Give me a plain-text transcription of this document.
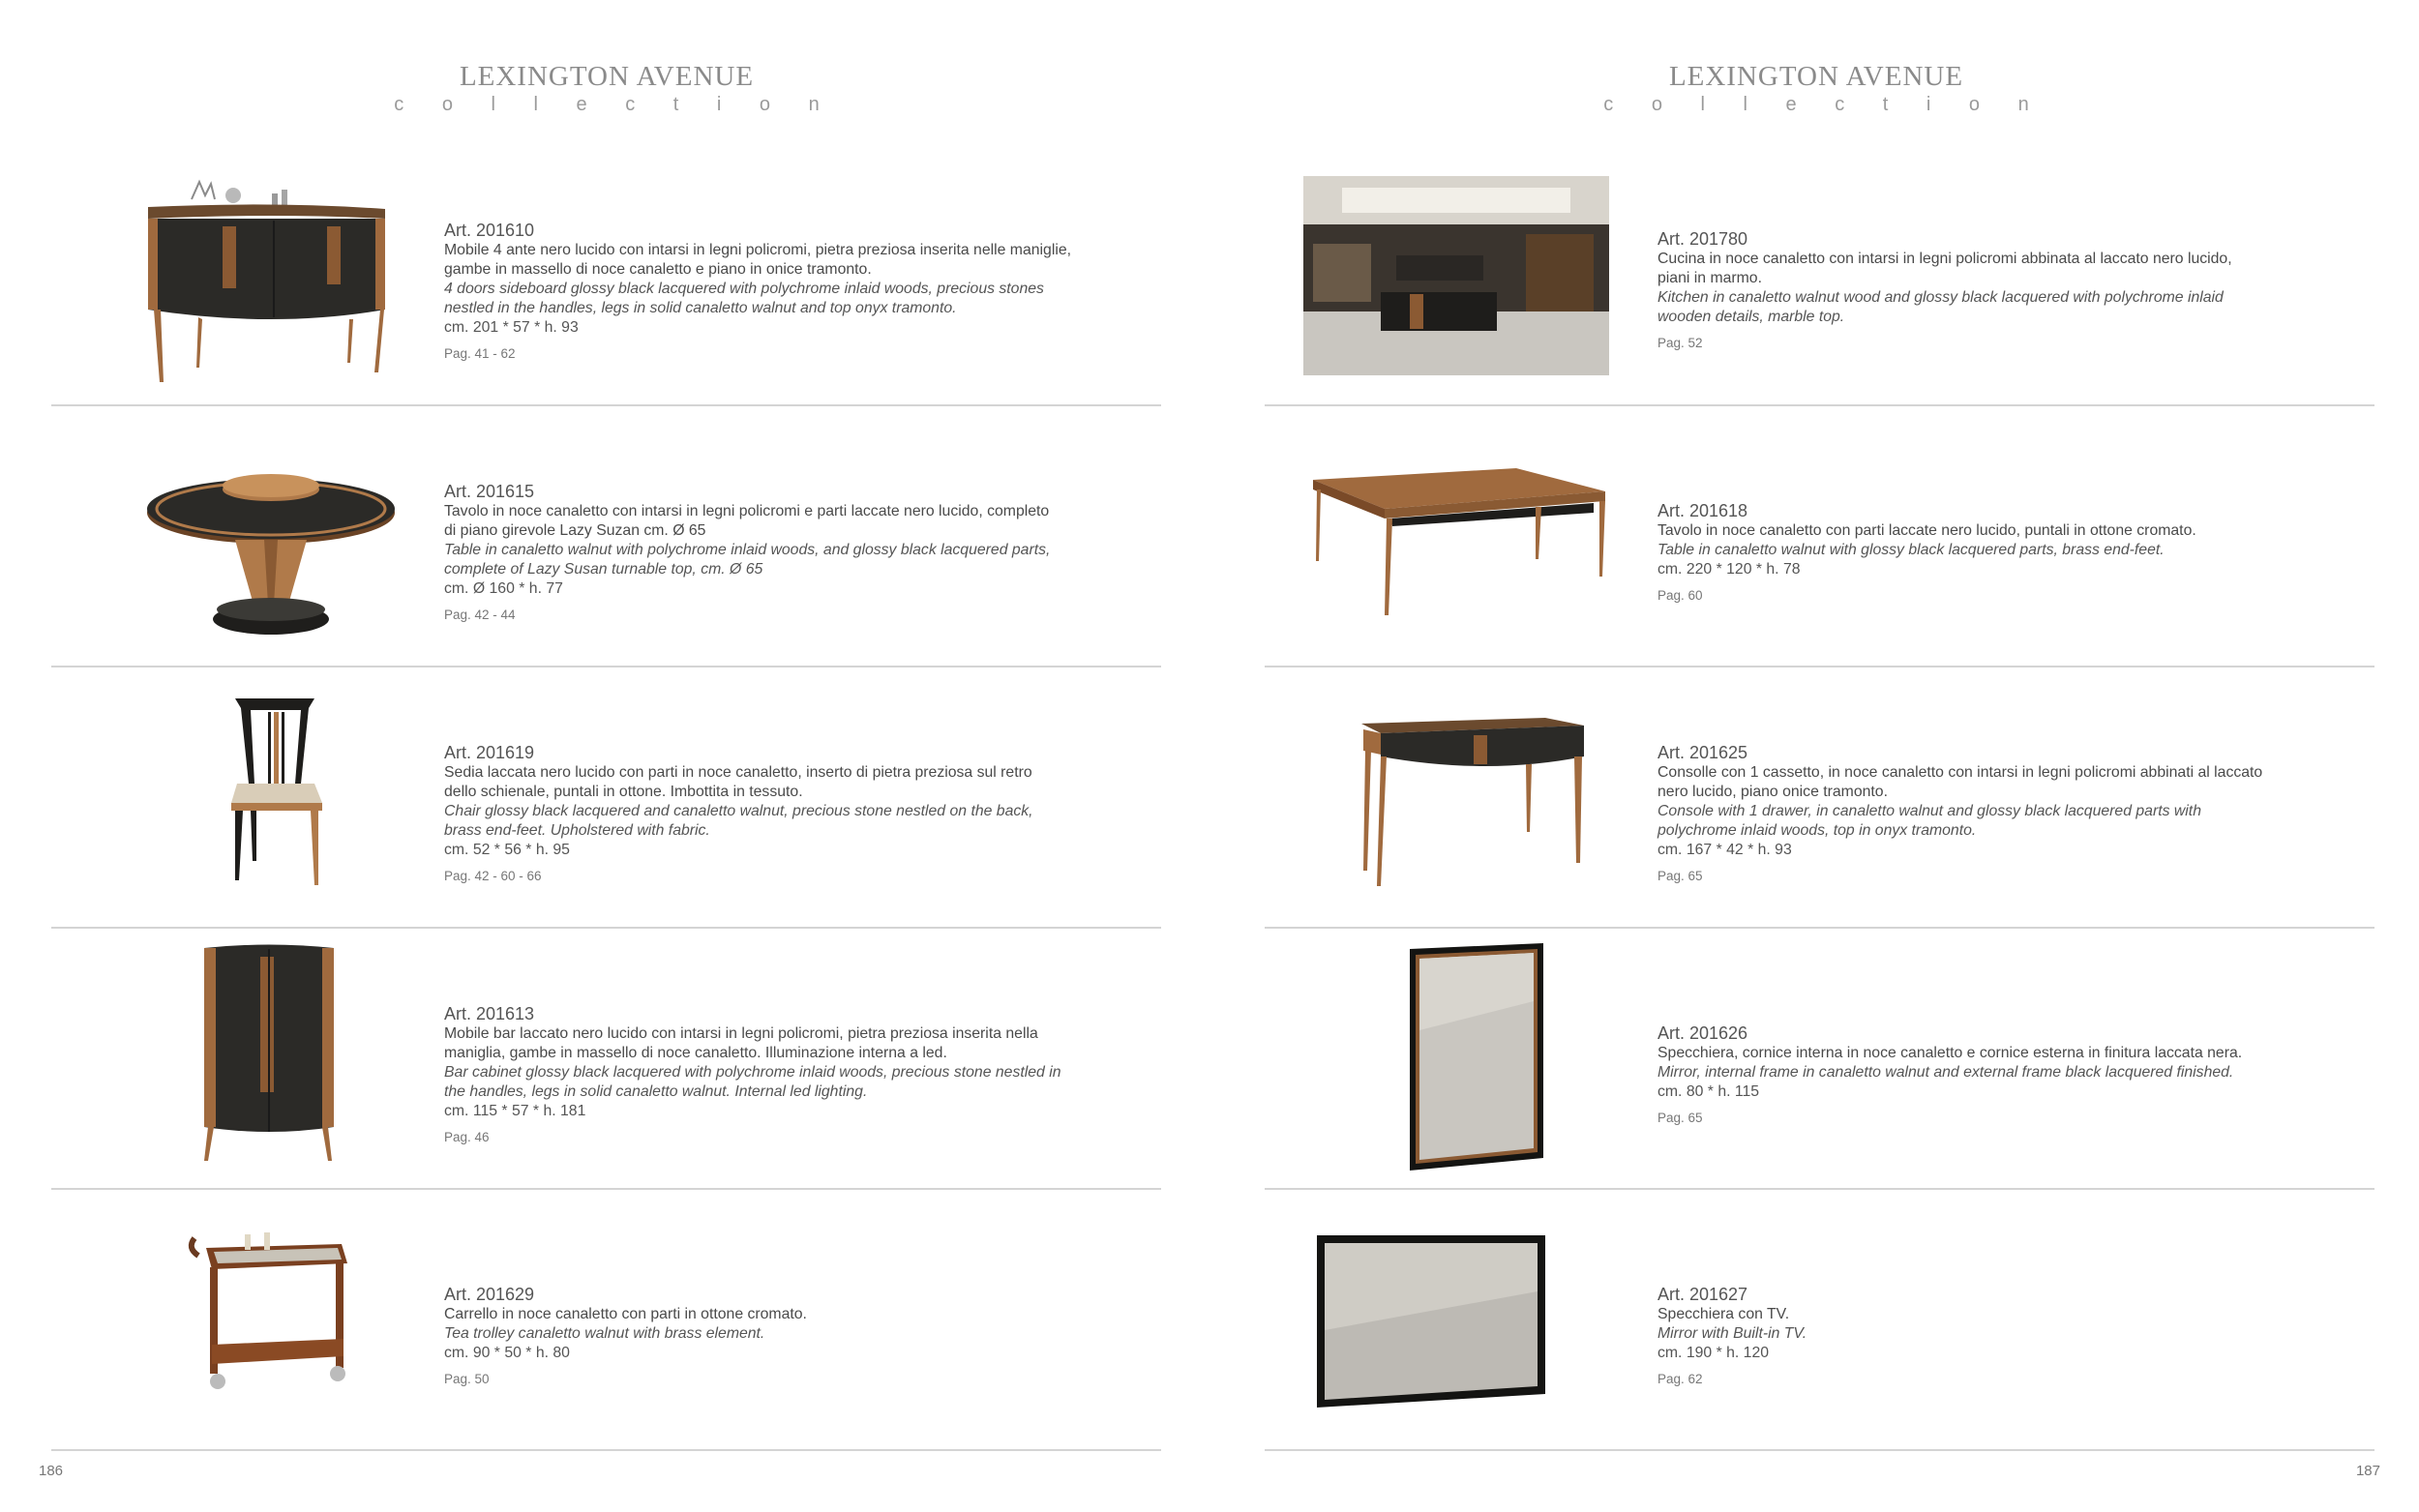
LEXINGTON AVENUE
c o l l e c t i o n
Art. 201610
Mobile 4 ante nero lucido con intarsi in legni policromi, pietra preziosa inserita nelle maniglie,
gambe in massello di noce canaletto e piano in onice tramonto.
4 doors sideboard glossy black lacquered with polychrome inlaid woods, precious stones
nestled in the handles, legs in solid canaletto walnut and top onyx tramonto.
cm. 201 * 57 * h. 93
Pag. 41 - 62
Art. 201615
Tavolo in noce canaletto con intarsi in legni policromi e parti laccate nero lucido, completo
di piano girevole Lazy Suzan cm. Ø 65
Table in canaletto walnut with polychrome inlaid woods, and glossy black lacquered parts,
complete of Lazy Susan turnable top, cm. Ø 65
cm. Ø 160 * h. 77
Pag. 42 - 44
Art. 201619
Sedia laccata nero lucido con parti in noce canaletto, inserto di pietra preziosa sul retro
dello schienale, puntali in ottone. Imbottita in tessuto.
Chair glossy black lacquered and canaletto walnut, precious stone nestled on the back,
brass end-feet. Upholstered with fabric.
cm. 52 * 56 * h. 95
Pag. 42 - 60 - 66
Art. 201613
Mobile bar laccato nero lucido con intarsi in legni policromi, pietra preziosa inserita nella
maniglia, gambe in massello di noce canaletto. Illuminazione interna a led.
Bar cabinet glossy black lacquered with polychrome inlaid woods, precious stone nestled in
the handles, legs in solid canaletto walnut. Internal led lighting.
cm. 115 * 57 * h. 181
Pag. 46
Art. 201629
Carrello in noce canaletto con parti in ottone cromato.
Tea trolley canaletto walnut with brass element.
cm. 90 * 50 * h. 80
Pag. 50
186
LEXINGTON AVENUE
c o l l e c t i o n
Art. 201780
Cucina in noce canaletto con intarsi in legni policromi abbinata al laccato nero lucido,
piani in marmo.
Kitchen in canaletto walnut wood and glossy black lacquered with polychrome inlaid
wooden details, marble top.
Pag. 52
Art. 201618
Tavolo in noce canaletto con parti laccate nero lucido, puntali in ottone cromato.
Table in canaletto walnut with glossy black lacquered parts, brass end-feet.
cm. 220 * 120 * h. 78
Pag. 60
Art. 201625
Consolle con 1 cassetto, in noce canaletto con intarsi in legni policromi abbinati al laccato
nero lucido, piano onice tramonto.
Console with 1 drawer, in canaletto walnut and glossy black lacquered parts with
polychrome inlaid woods, top in onyx tramonto.
cm. 167 * 42 * h. 93
Pag. 65
Art. 201626
Specchiera, cornice interna in noce canaletto e cornice esterna in finitura laccata nera.
Mirror, internal frame in canaletto walnut and external frame black lacquered finished.
cm. 80 * h. 115
Pag. 65
Art. 201627
Specchiera con TV.
Mirror with Built-in TV.
cm. 190 * h. 120
Pag. 62
187
